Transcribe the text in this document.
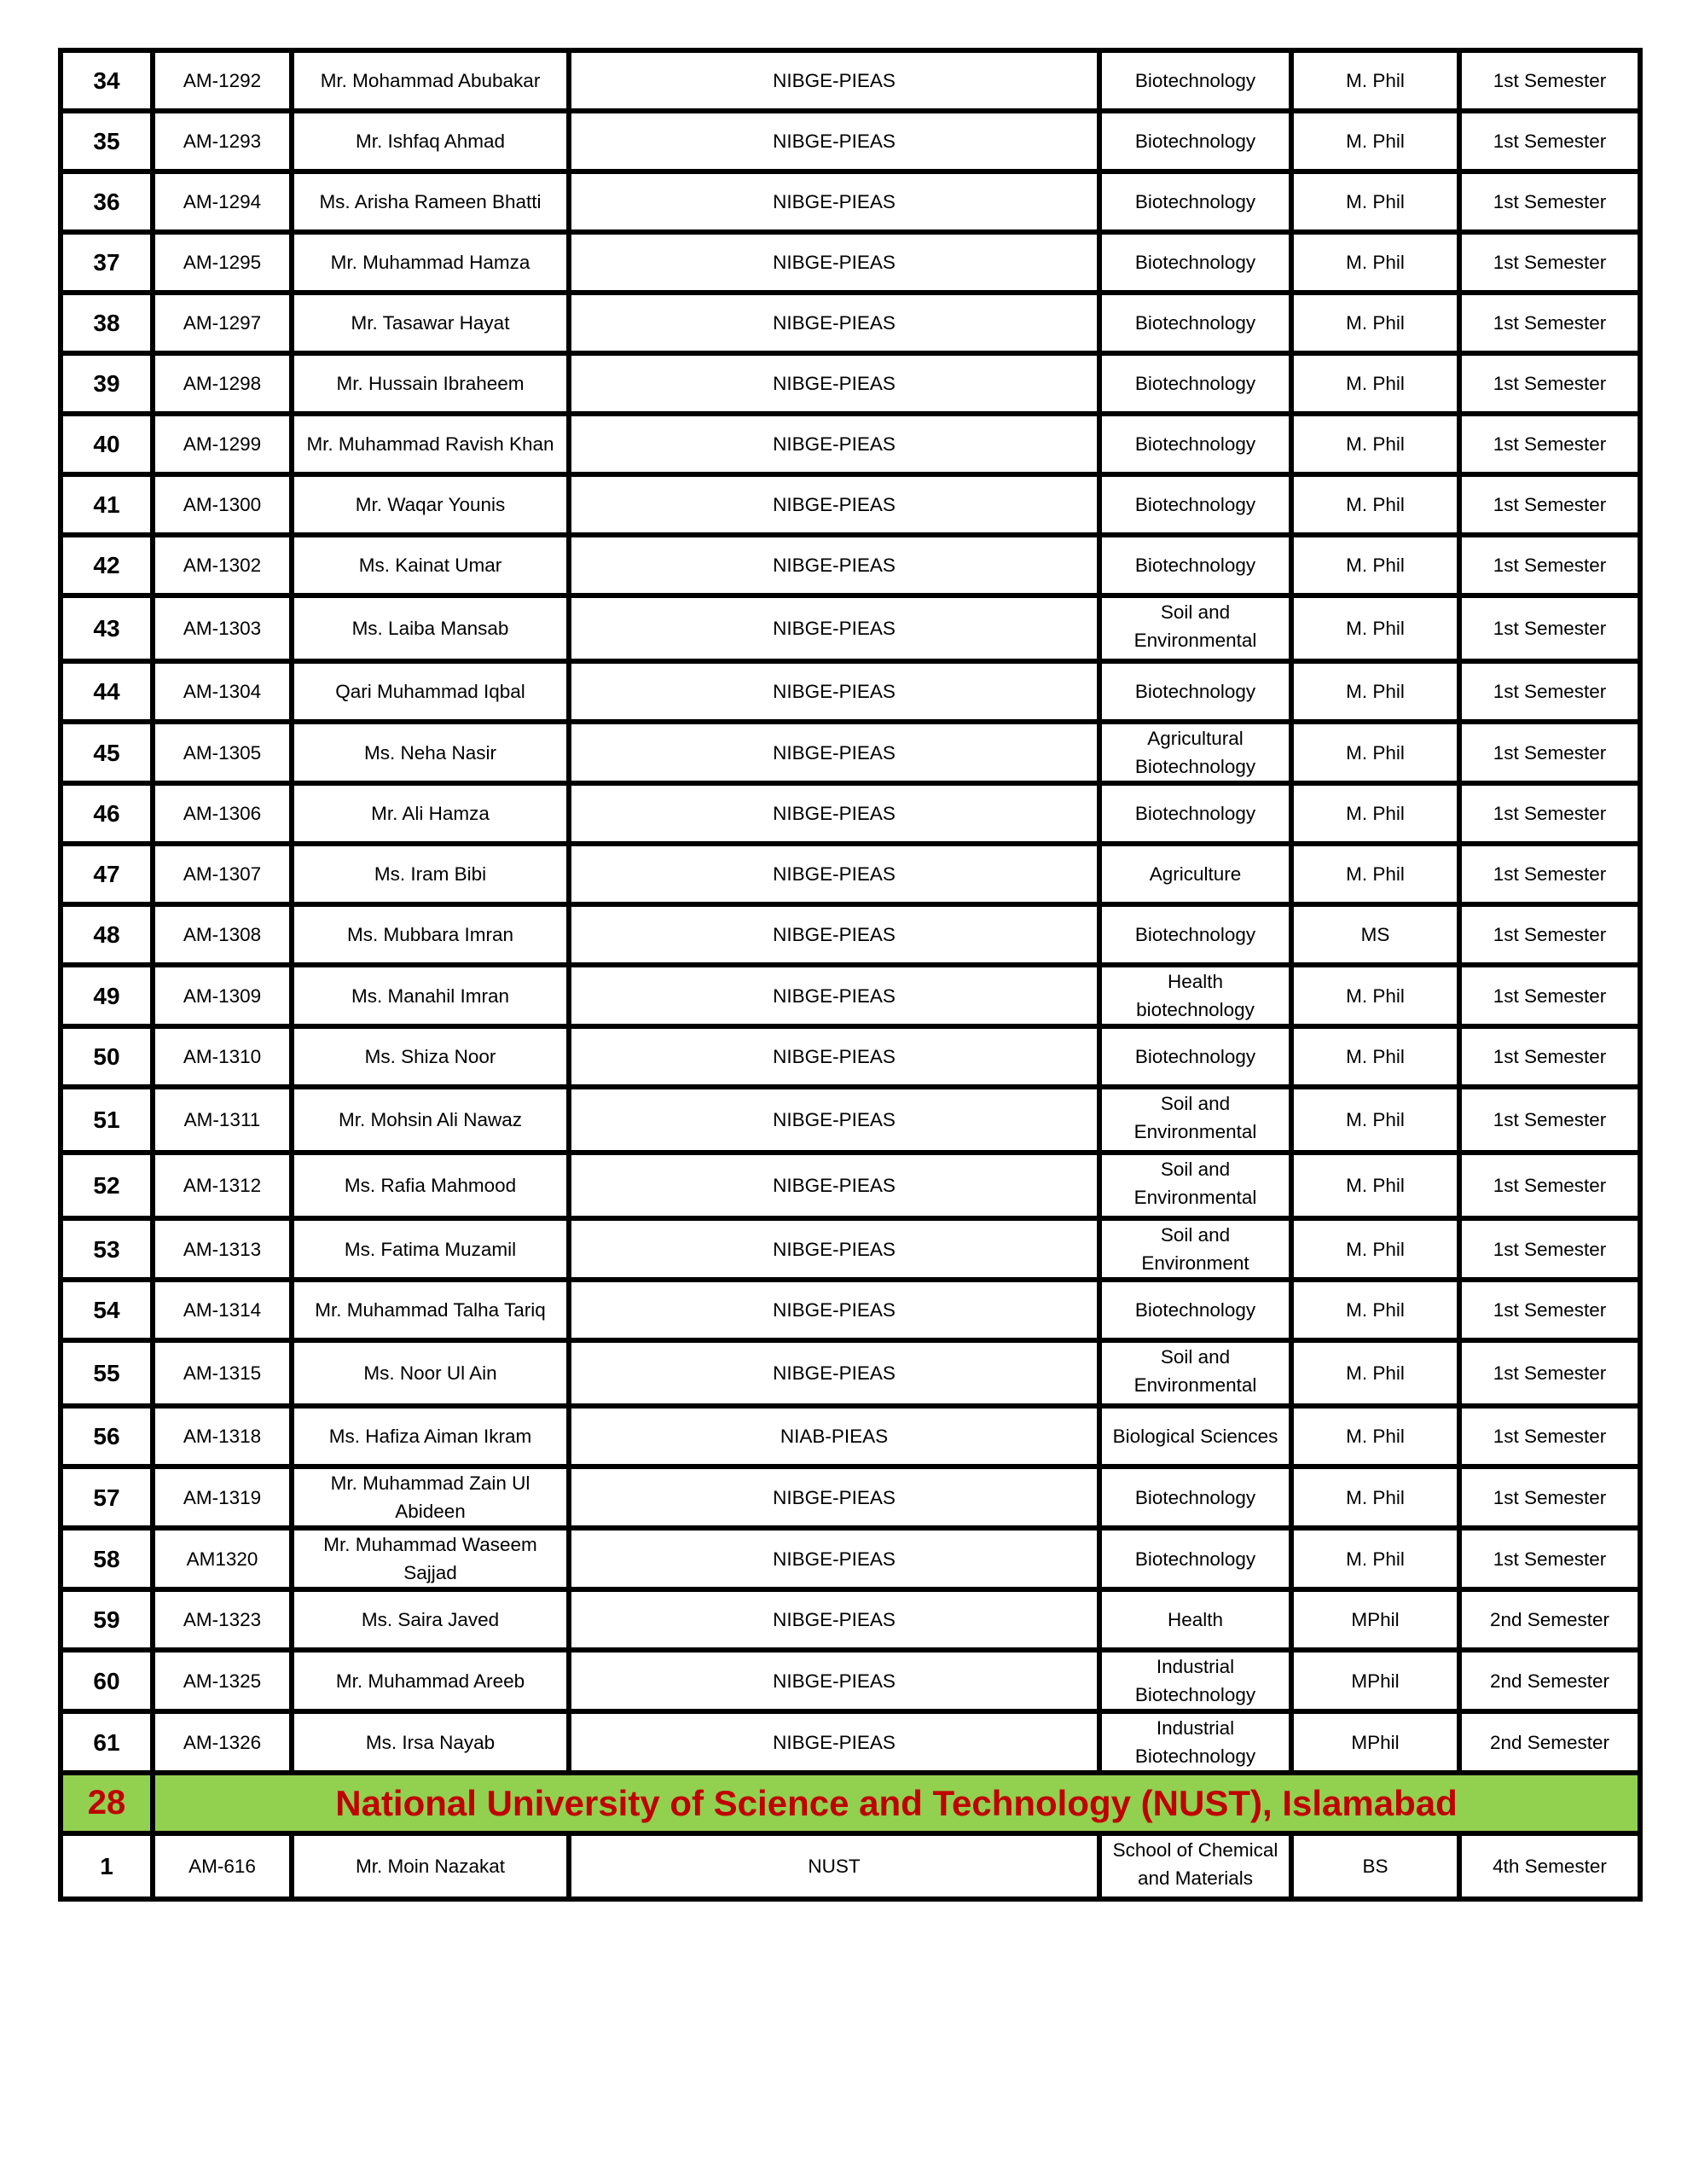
34	AM-1292	Mr. Mohammad Abubakar	NIBGE-PIEAS	Biotechnology	M. Phil	1st Semester
35	AM-1293	Mr. Ishfaq Ahmad	NIBGE-PIEAS	Biotechnology	M. Phil	1st Semester
36	AM-1294	Ms. Arisha Rameen Bhatti	NIBGE-PIEAS	Biotechnology	M. Phil	1st Semester
37	AM-1295	Mr. Muhammad Hamza	NIBGE-PIEAS	Biotechnology	M. Phil	1st Semester
38	AM-1297	Mr. Tasawar Hayat	NIBGE-PIEAS	Biotechnology	M. Phil	1st Semester
39	AM-1298	Mr. Hussain Ibraheem	NIBGE-PIEAS	Biotechnology	M. Phil	1st Semester
40	AM-1299	Mr. Muhammad Ravish Khan	NIBGE-PIEAS	Biotechnology	M. Phil	1st Semester
41	AM-1300	Mr. Waqar Younis	NIBGE-PIEAS	Biotechnology	M. Phil	1st Semester
42	AM-1302	Ms. Kainat Umar	NIBGE-PIEAS	Biotechnology	M. Phil	1st Semester
43	AM-1303	Ms. Laiba Mansab	NIBGE-PIEAS	Soil and Environmental	M. Phil	1st Semester
44	AM-1304	Qari Muhammad Iqbal	NIBGE-PIEAS	Biotechnology	M. Phil	1st Semester
45	AM-1305	Ms. Neha Nasir	NIBGE-PIEAS	Agricultural Biotechnology	M. Phil	1st Semester
46	AM-1306	Mr. Ali Hamza	NIBGE-PIEAS	Biotechnology	M. Phil	1st Semester
47	AM-1307	Ms. Iram Bibi	NIBGE-PIEAS	Agriculture	M. Phil	1st Semester
48	AM-1308	Ms. Mubbara Imran	NIBGE-PIEAS	Biotechnology	MS	1st Semester
49	AM-1309	Ms. Manahil Imran	NIBGE-PIEAS	Health biotechnology	M. Phil	1st Semester
50	AM-1310	Ms. Shiza Noor	NIBGE-PIEAS	Biotechnology	M. Phil	1st Semester
51	AM-1311	Mr. Mohsin Ali Nawaz	NIBGE-PIEAS	Soil and Environmental	M. Phil	1st Semester
52	AM-1312	Ms. Rafia Mahmood	NIBGE-PIEAS	Soil and Environmental	M. Phil	1st Semester
53	AM-1313	Ms. Fatima Muzamil	NIBGE-PIEAS	Soil and Environment	M. Phil	1st Semester
54	AM-1314	Mr. Muhammad Talha Tariq	NIBGE-PIEAS	Biotechnology	M. Phil	1st Semester
55	AM-1315	Ms. Noor Ul Ain	NIBGE-PIEAS	Soil and Environmental	M. Phil	1st Semester
56	AM-1318	Ms. Hafiza Aiman Ikram	NIAB-PIEAS	Biological Sciences	M. Phil	1st Semester
57	AM-1319	Mr. Muhammad Zain Ul Abideen	NIBGE-PIEAS	Biotechnology	M. Phil	1st Semester
58	AM1320	Mr. Muhammad Waseem Sajjad	NIBGE-PIEAS	Biotechnology	M. Phil	1st Semester
59	AM-1323	Ms. Saira Javed	NIBGE-PIEAS	Health	MPhil	2nd Semester
60	AM-1325	Mr. Muhammad Areeb	NIBGE-PIEAS	Industrial Biotechnology	MPhil	2nd Semester
61	AM-1326	Ms. Irsa Nayab	NIBGE-PIEAS	Industrial Biotechnology	MPhil	2nd Semester
28	National University of Science and Technology (NUST), Islamabad					
1	AM-616	Mr. Moin Nazakat	NUST	School of Chemical and Materials	BS	4th Semester
